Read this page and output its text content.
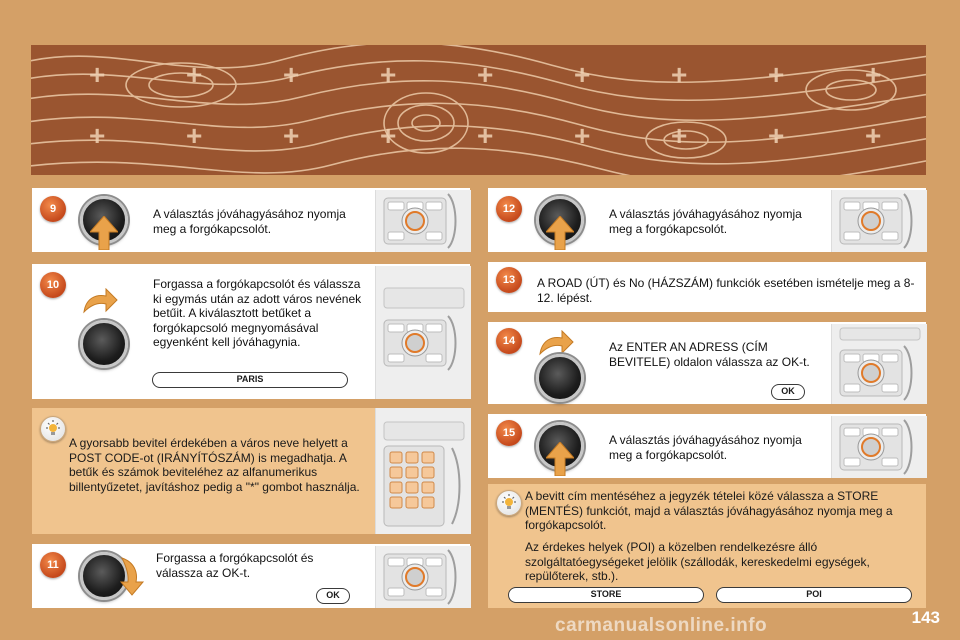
+	+	+	+	+	+	+	+	+
+	+	+	+	+	+	+	+	+
9	A választás jóváhagyásához nyomja meg a forgókapcsolót.
10	Forgassa a forgókapcsolót és válassza ki egymás után az adott város nevének betűit. A kiválasztott betűket a forgókapcsoló megnyomásával egyenként kell jóváhagynia.
PARIS
A gyorsabb bevitel érdekében a város neve helyett a POST CODE-ot (IRÁNYÍTÓSZÁM) is megadhatja. A betűk és számok beviteléhez az alfanumerikus billentyűzetet, javításhoz pedig a "*" gombot használja.
11	Forgassa a forgókapcsolót és válassza az OK-t.
OK
12	A választás jóváhagyásához nyomja meg a forgókapcsolót.
13	A ROAD (ÚT) és No (HÁZSZÁM) funkciók esetében ismételje meg a 8-12. lépést.
14	Az ENTER AN ADRESS (CÍM BEVITELE) oldalon válassza az OK-t.
OK
15	A választás jóváhagyásához nyomja meg a forgókapcsolót.
A bevitt cím mentéséhez a jegyzék tételei közé válassza a STORE (MENTÉS) funkciót, majd a választás jóváhagyásához nyomja meg a forgókapcsolót.
Az érdekes helyek (POI) a közelben rendelkezésre álló szolgáltatóegységeket jelölik (szállodák, kereskedelmi egységek, repülőterek, stb.).
STORE	POI
143
carmanualsonline.info
